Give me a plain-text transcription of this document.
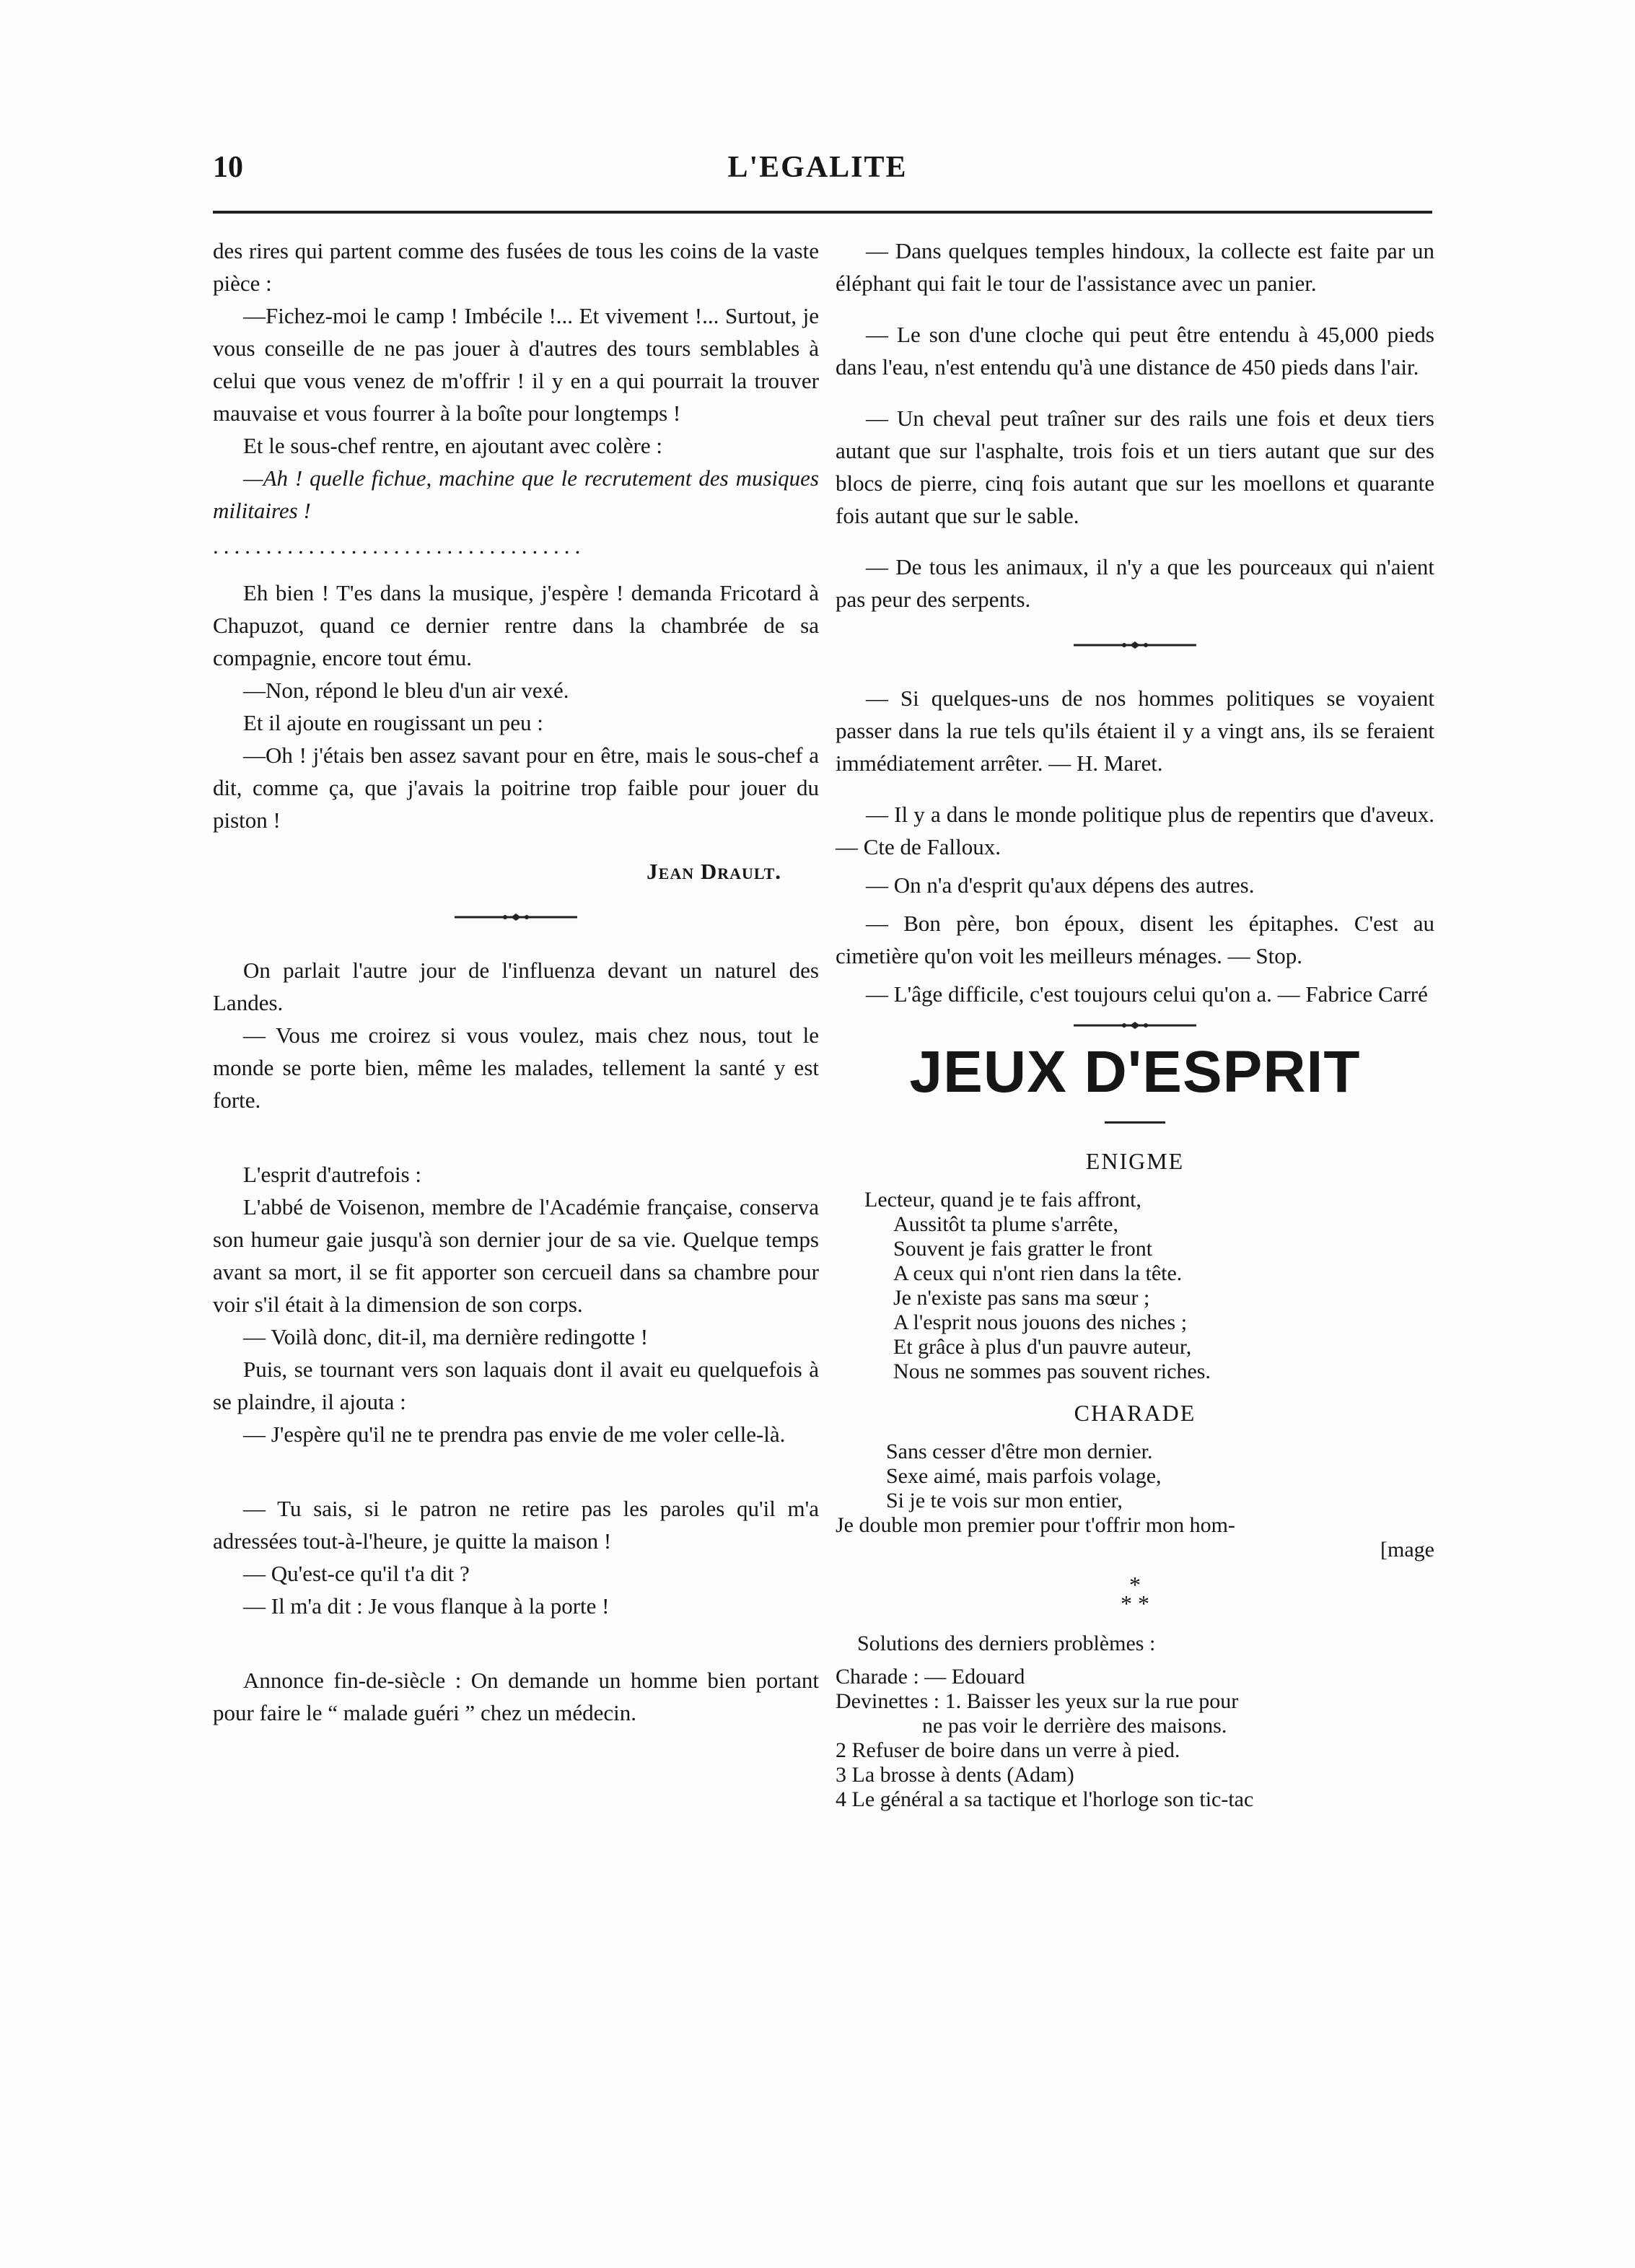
10	L'EGALITE

des rires qui partent comme des fusées de tous les coins de la vaste pièce :

—Fichez-moi le camp ! Imbécile !... Et vivement !... Surtout, je vous conseille de ne pas jouer à d'autres des tours semblables à celui que vous venez de m'offrir ! il y en a qui pourrait la trouver mauvaise et vous fourrer à la boîte pour longtemps !

Et le sous-chef rentre, en ajoutant avec colère :

—Ah ! quelle fichue, machine que le recrutement des musiques militaires !

...................................

Eh bien ! T'es dans la musique, j'espère ! demanda Fricotard à Chapuzot, quand ce dernier rentre dans la chambrée de sa compagnie, encore tout ému.

—Non, répond le bleu d'un air vexé.

Et il ajoute en rougissant un peu :

—Oh ! j'étais ben assez savant pour en être, mais le sous-chef a dit, comme ça, que j'avais la poitrine trop faible pour jouer du piston !

Jean Drault.

On parlait l'autre jour de l'influenza devant un naturel des Landes.

— Vous me croirez si vous voulez, mais chez nous, tout le monde se porte bien, même les malades, tellement la santé y est forte.

L'esprit d'autrefois :

L'abbé de Voisenon, membre de l'Académie française, conserva son humeur gaie jusqu'à son dernier jour de sa vie. Quelque temps avant sa mort, il se fit apporter son cercueil dans sa chambre pour voir s'il était à la dimension de son corps.

— Voilà donc, dit-il, ma dernière redingotte !

Puis, se tournant vers son laquais dont il avait eu quelquefois à se plaindre, il ajouta :

— J'espère qu'il ne te prendra pas envie de me voler celle-là.

— Tu sais, si le patron ne retire pas les paroles qu'il m'a adressées tout-à-l'heure, je quitte la maison !

— Qu'est-ce qu'il t'a dit ?

— Il m'a dit : Je vous flanque à la porte !

Annonce fin-de-siècle : On demande un homme bien portant pour faire le “ malade guéri ” chez un médecin.

— Dans quelques temples hindoux, la collecte est faite par un éléphant qui fait le tour de l'assistance avec un panier.

— Le son d'une cloche qui peut être entendu à 45,000 pieds dans l'eau, n'est entendu qu'à une distance de 450 pieds dans l'air.

— Un cheval peut traîner sur des rails une fois et deux tiers autant que sur l'asphalte, trois fois et un tiers autant que sur des blocs de pierre, cinq fois autant que sur les moellons et quarante fois autant que sur le sable.

— De tous les animaux, il n'y a que les pourceaux qui n'aient pas peur des serpents.

— Si quelques-uns de nos hommes politiques se voyaient passer dans la rue tels qu'ils étaient il y a vingt ans, ils se feraient immédiatement arrêter. — H. Maret.

— Il y a dans le monde politique plus de repentirs que d'aveux. — Cte de Falloux.

— On n'a d'esprit qu'aux dépens des autres.

— Bon père, bon époux, disent les épitaphes. C'est au cimetière qu'on voit les meilleurs ménages. — Stop.

— L'âge difficile, c'est toujours celui qu'on a. — Fabrice Carré

JEUX D'ESPRIT
ENIGME
Lecteur, quand je te fais affront,
Aussitôt ta plume s'arrête,
Souvent je fais gratter le front
A ceux qui n'ont rien dans la tête.
Je n'existe pas sans ma sœur ;
A l'esprit nous jouons des niches ;
Et grâce à plus d'un pauvre auteur,
Nous ne sommes pas souvent riches.
CHARADE
Sans cesser d'être mon dernier.
Sexe aimé, mais parfois volage,
Si je te vois sur mon entier,
Je double mon premier pour t'offrir mon hom-
[mage
*
* *
Solutions des derniers problèmes :
Charade : — Edouard
Devinettes : 1. Baisser les yeux sur la rue pour
ne pas voir le derrière des maisons.
2 Refuser de boire dans un verre à pied.
3 La brosse à dents (Adam)
4 Le général a sa tactique et l'horloge son tic-tac
